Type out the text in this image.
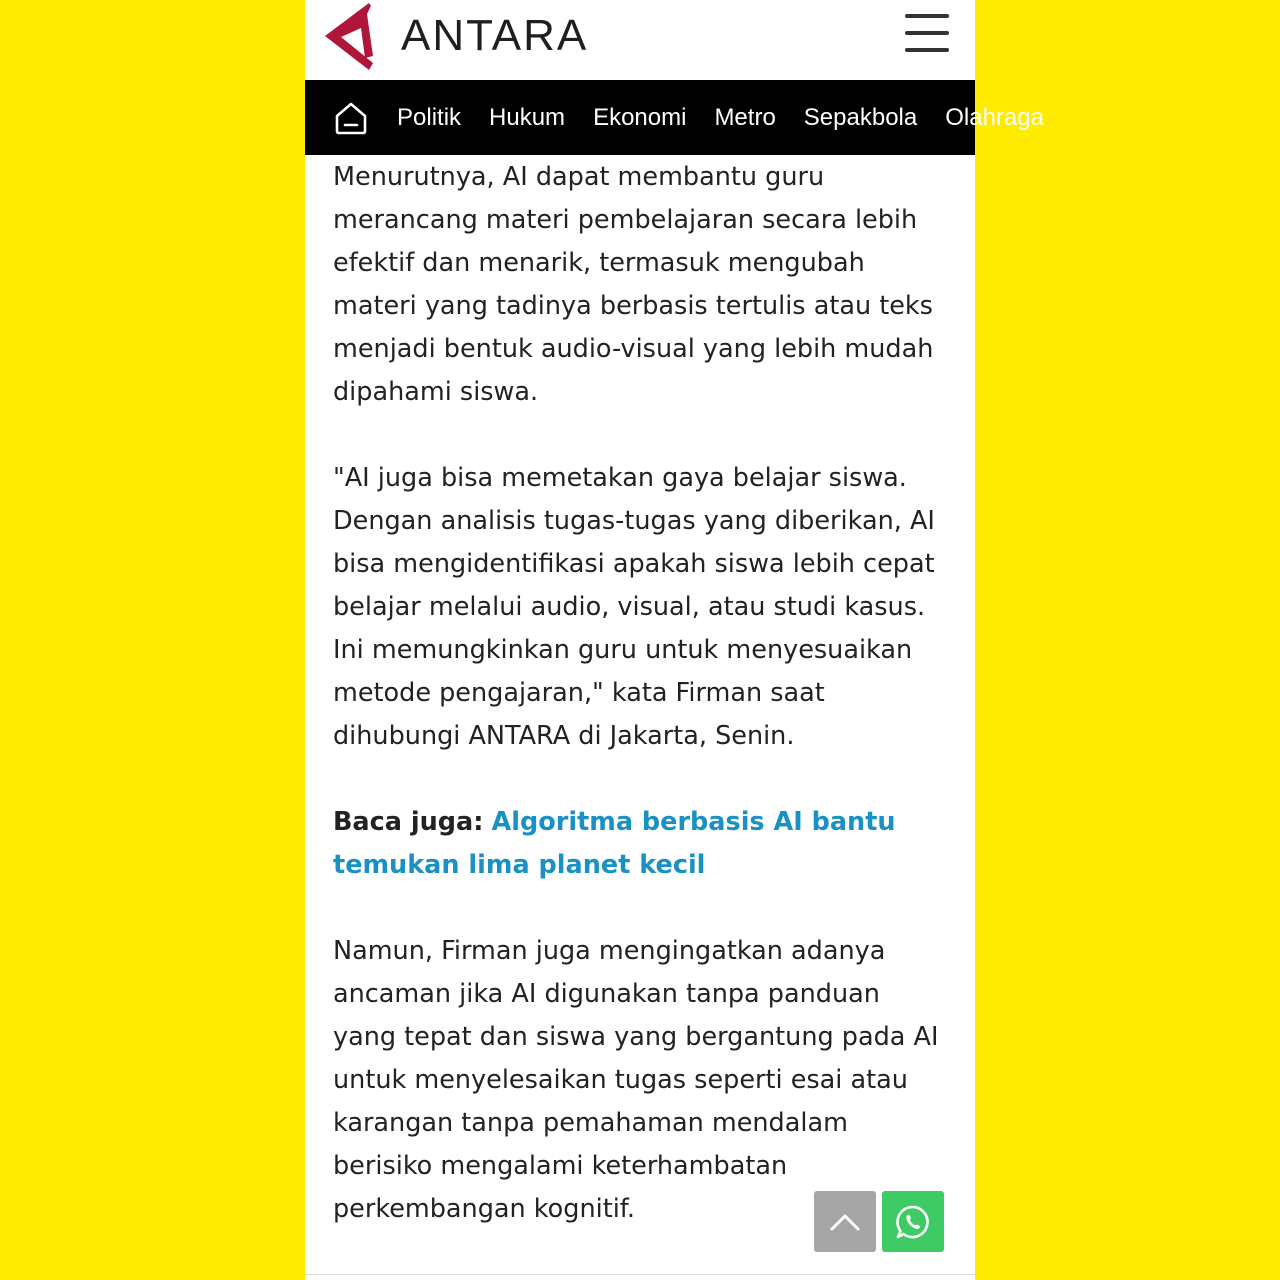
ANTARA
Politik Hukum Ekonomi Metro Sepakbola Olahraga

Menurutnya, AI dapat membantu guru merancang materi pembelajaran secara lebih efektif dan menarik, termasuk mengubah materi yang tadinya berbasis tertulis atau teks menjadi bentuk audio-visual yang lebih mudah dipahami siswa.

"AI juga bisa memetakan gaya belajar siswa. Dengan analisis tugas-tugas yang diberikan, AI bisa mengidentifikasi apakah siswa lebih cepat belajar melalui audio, visual, atau studi kasus. Ini memungkinkan guru untuk menyesuaikan metode pengajaran," kata Firman saat dihubungi ANTARA di Jakarta, Senin.

Baca juga: Algoritma berbasis AI bantu temukan lima planet kecil

Namun, Firman juga mengingatkan adanya ancaman jika AI digunakan tanpa panduan yang tepat dan siswa yang bergantung pada AI untuk menyelesaikan tugas seperti esai atau karangan tanpa pemahaman mendalam berisiko mengalami keterhambatan perkembangan kognitif.
